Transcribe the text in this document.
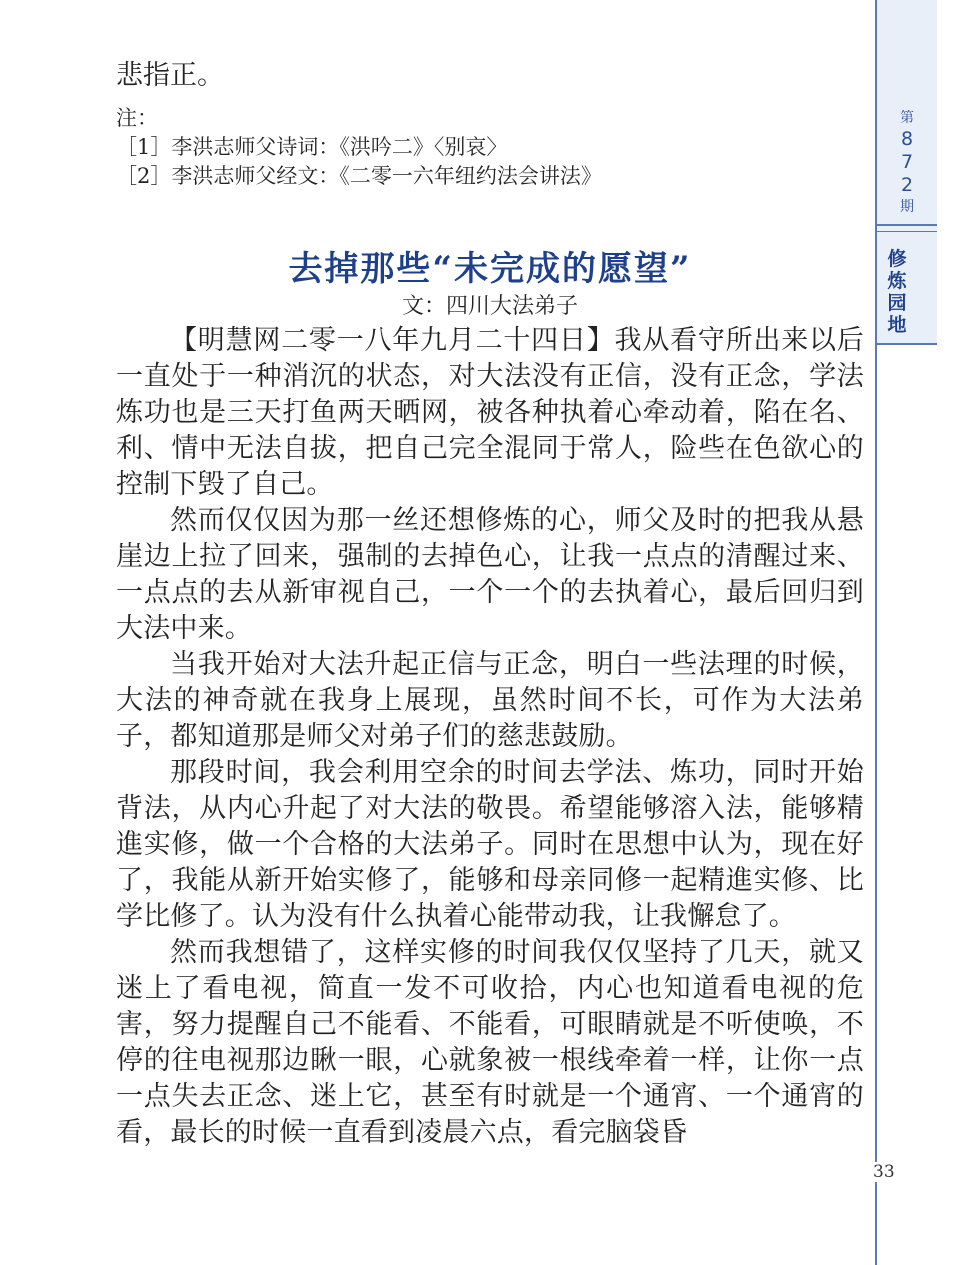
悲指正。

注：
［1］李洪志师父诗词：《洪吟二》〈别哀〉
［2］李洪志师父经文：《二零一六年纽约法会讲法》
去掉那些“未完成的愿望”
文：四川大法弟子

【明慧网二零一八年九月二十四日】我从看守所出来以后一直处于一种消沉的状态，对大法没有正信，没有正念，学法炼功也是三天打鱼两天晒网，被各种执着心牵动着，陷在名、利、情中无法自拔，把自己完全混同于常人，险些在色欲心的控制下毁了自己。

然而仅仅因为那一丝还想修炼的心，师父及时的把我从悬崖边上拉了回来，强制的去掉色心，让我一点点的清醒过来、一点点的去从新审视自己，一个一个的去执着心，最后回归到大法中来。

当我开始对大法升起正信与正念，明白一些法理的时候，大法的神奇就在我身上展现，虽然时间不长，可作为大法弟子，都知道那是师父对弟子们的慈悲鼓励。

那段时间，我会利用空余的时间去学法、炼功，同时开始背法，从内心升起了对大法的敬畏。希望能够溶入法，能够精進实修，做一个合格的大法弟子。同时在思想中认为，现在好了，我能从新开始实修了，能够和母亲同修一起精進实修、比学比修了。认为没有什么执着心能带动我，让我懈怠了。

然而我想错了，这样实修的时间我仅仅坚持了几天，就又迷上了看电视，简直一发不可收拾，内心也知道看电视的危害，努力提醒自己不能看、不能看，可眼睛就是不听使唤，不停的往电视那边瞅一眼，心就象被一根线牵着一样，让你一点一点失去正念、迷上它，甚至有时就是一个通宵、一个通宵的看，最长的时候一直看到凌晨六点，看完脑袋昏

第
8
7
2
期
修
炼
园
地
33
